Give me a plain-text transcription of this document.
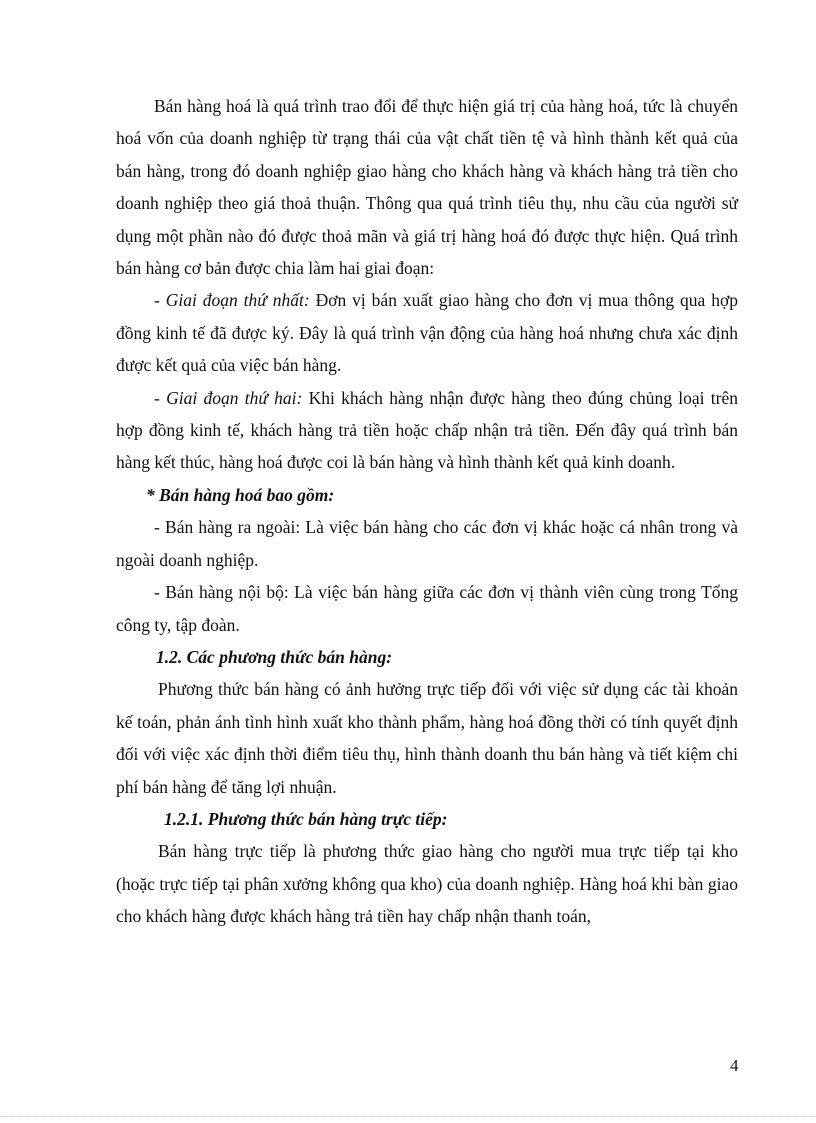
Bán hàng hoá là quá trình trao đổi để thực hiện giá trị của hàng hoá, tức là chuyển hoá vốn của doanh nghiệp từ trạng thái của vật chất tiền tệ và hình thành kết quả của bán hàng, trong đó doanh nghiệp giao hàng cho khách hàng và khách hàng trả tiền cho doanh nghiệp theo giá thoả thuận. Thông qua quá trình tiêu thụ, nhu cầu của người sử dụng một phần nào đó được thoả mãn và giá trị hàng hoá đó được thực hiện. Quá trình bán hàng cơ bản được chia làm hai giai đoạn:

- Giai đoạn thứ nhất: Đơn vị bán xuất giao hàng cho đơn vị mua thông qua hợp đồng kinh tế đã được ký. Đây là quá trình vận động của hàng hoá nhưng chưa xác định được kết quả của việc bán hàng.

- Giai đoạn thứ hai: Khi khách hàng nhận được hàng theo đúng chủng loại trên hợp đồng kinh tế, khách hàng trả tiền hoặc chấp nhận trả tiền. Đến đây quá trình bán hàng kết thúc, hàng hoá được coi là bán hàng và hình thành kết quả kinh doanh.

* Bán hàng hoá bao gồm:

- Bán hàng ra ngoài: Là việc bán hàng cho các đơn vị khác hoặc cá nhân trong và ngoài doanh nghiệp.

- Bán hàng nội bộ: Là việc bán hàng giữa các đơn vị thành viên cùng trong Tổng công ty, tập đoàn.

1.2. Các phương thức bán hàng:

Phương thức bán hàng có ảnh hưởng trực tiếp đối với việc sử dụng các tài khoản kế toán, phản ánh tình hình xuất kho thành phẩm, hàng hoá đồng thời có tính quyết định đối với việc xác định thời điểm tiêu thụ, hình thành doanh thu bán hàng và tiết kiệm chi phí bán hàng để tăng lợi nhuận.

1.2.1. Phương thức bán hàng trực tiếp:

Bán hàng trực tiếp là phương thức giao hàng cho người mua trực tiếp tại kho (hoặc trực tiếp tại phân xưởng không qua kho) của doanh nghiệp. Hàng hoá khi bàn giao cho khách hàng được khách hàng trả tiền hay chấp nhận thanh toán,

4
